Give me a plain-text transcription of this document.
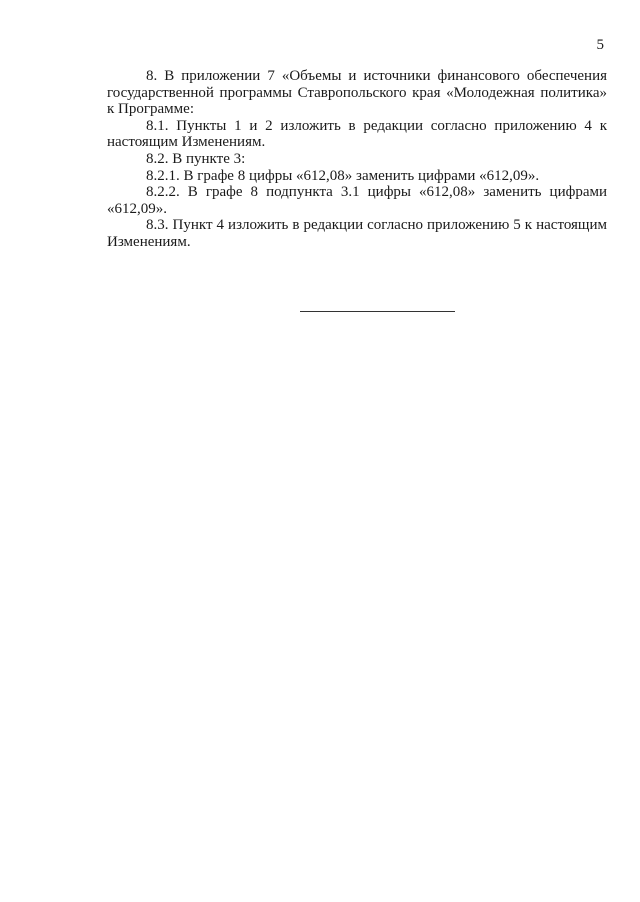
5

8. В приложении 7 «Объемы и источники финансового обеспечения государственной программы Ставропольского края «Молодежная политика» к Программе:

8.1. Пункты 1 и 2 изложить в редакции согласно приложению 4 к настоящим Изменениям.

8.2. В пункте 3:

8.2.1. В графе 8 цифры «612,08» заменить цифрами «612,09».

8.2.2. В графе 8 подпункта 3.1 цифры «612,08» заменить цифрами «612,09».

8.3. Пункт 4 изложить в редакции согласно приложению 5 к настоящим Изменениям.
